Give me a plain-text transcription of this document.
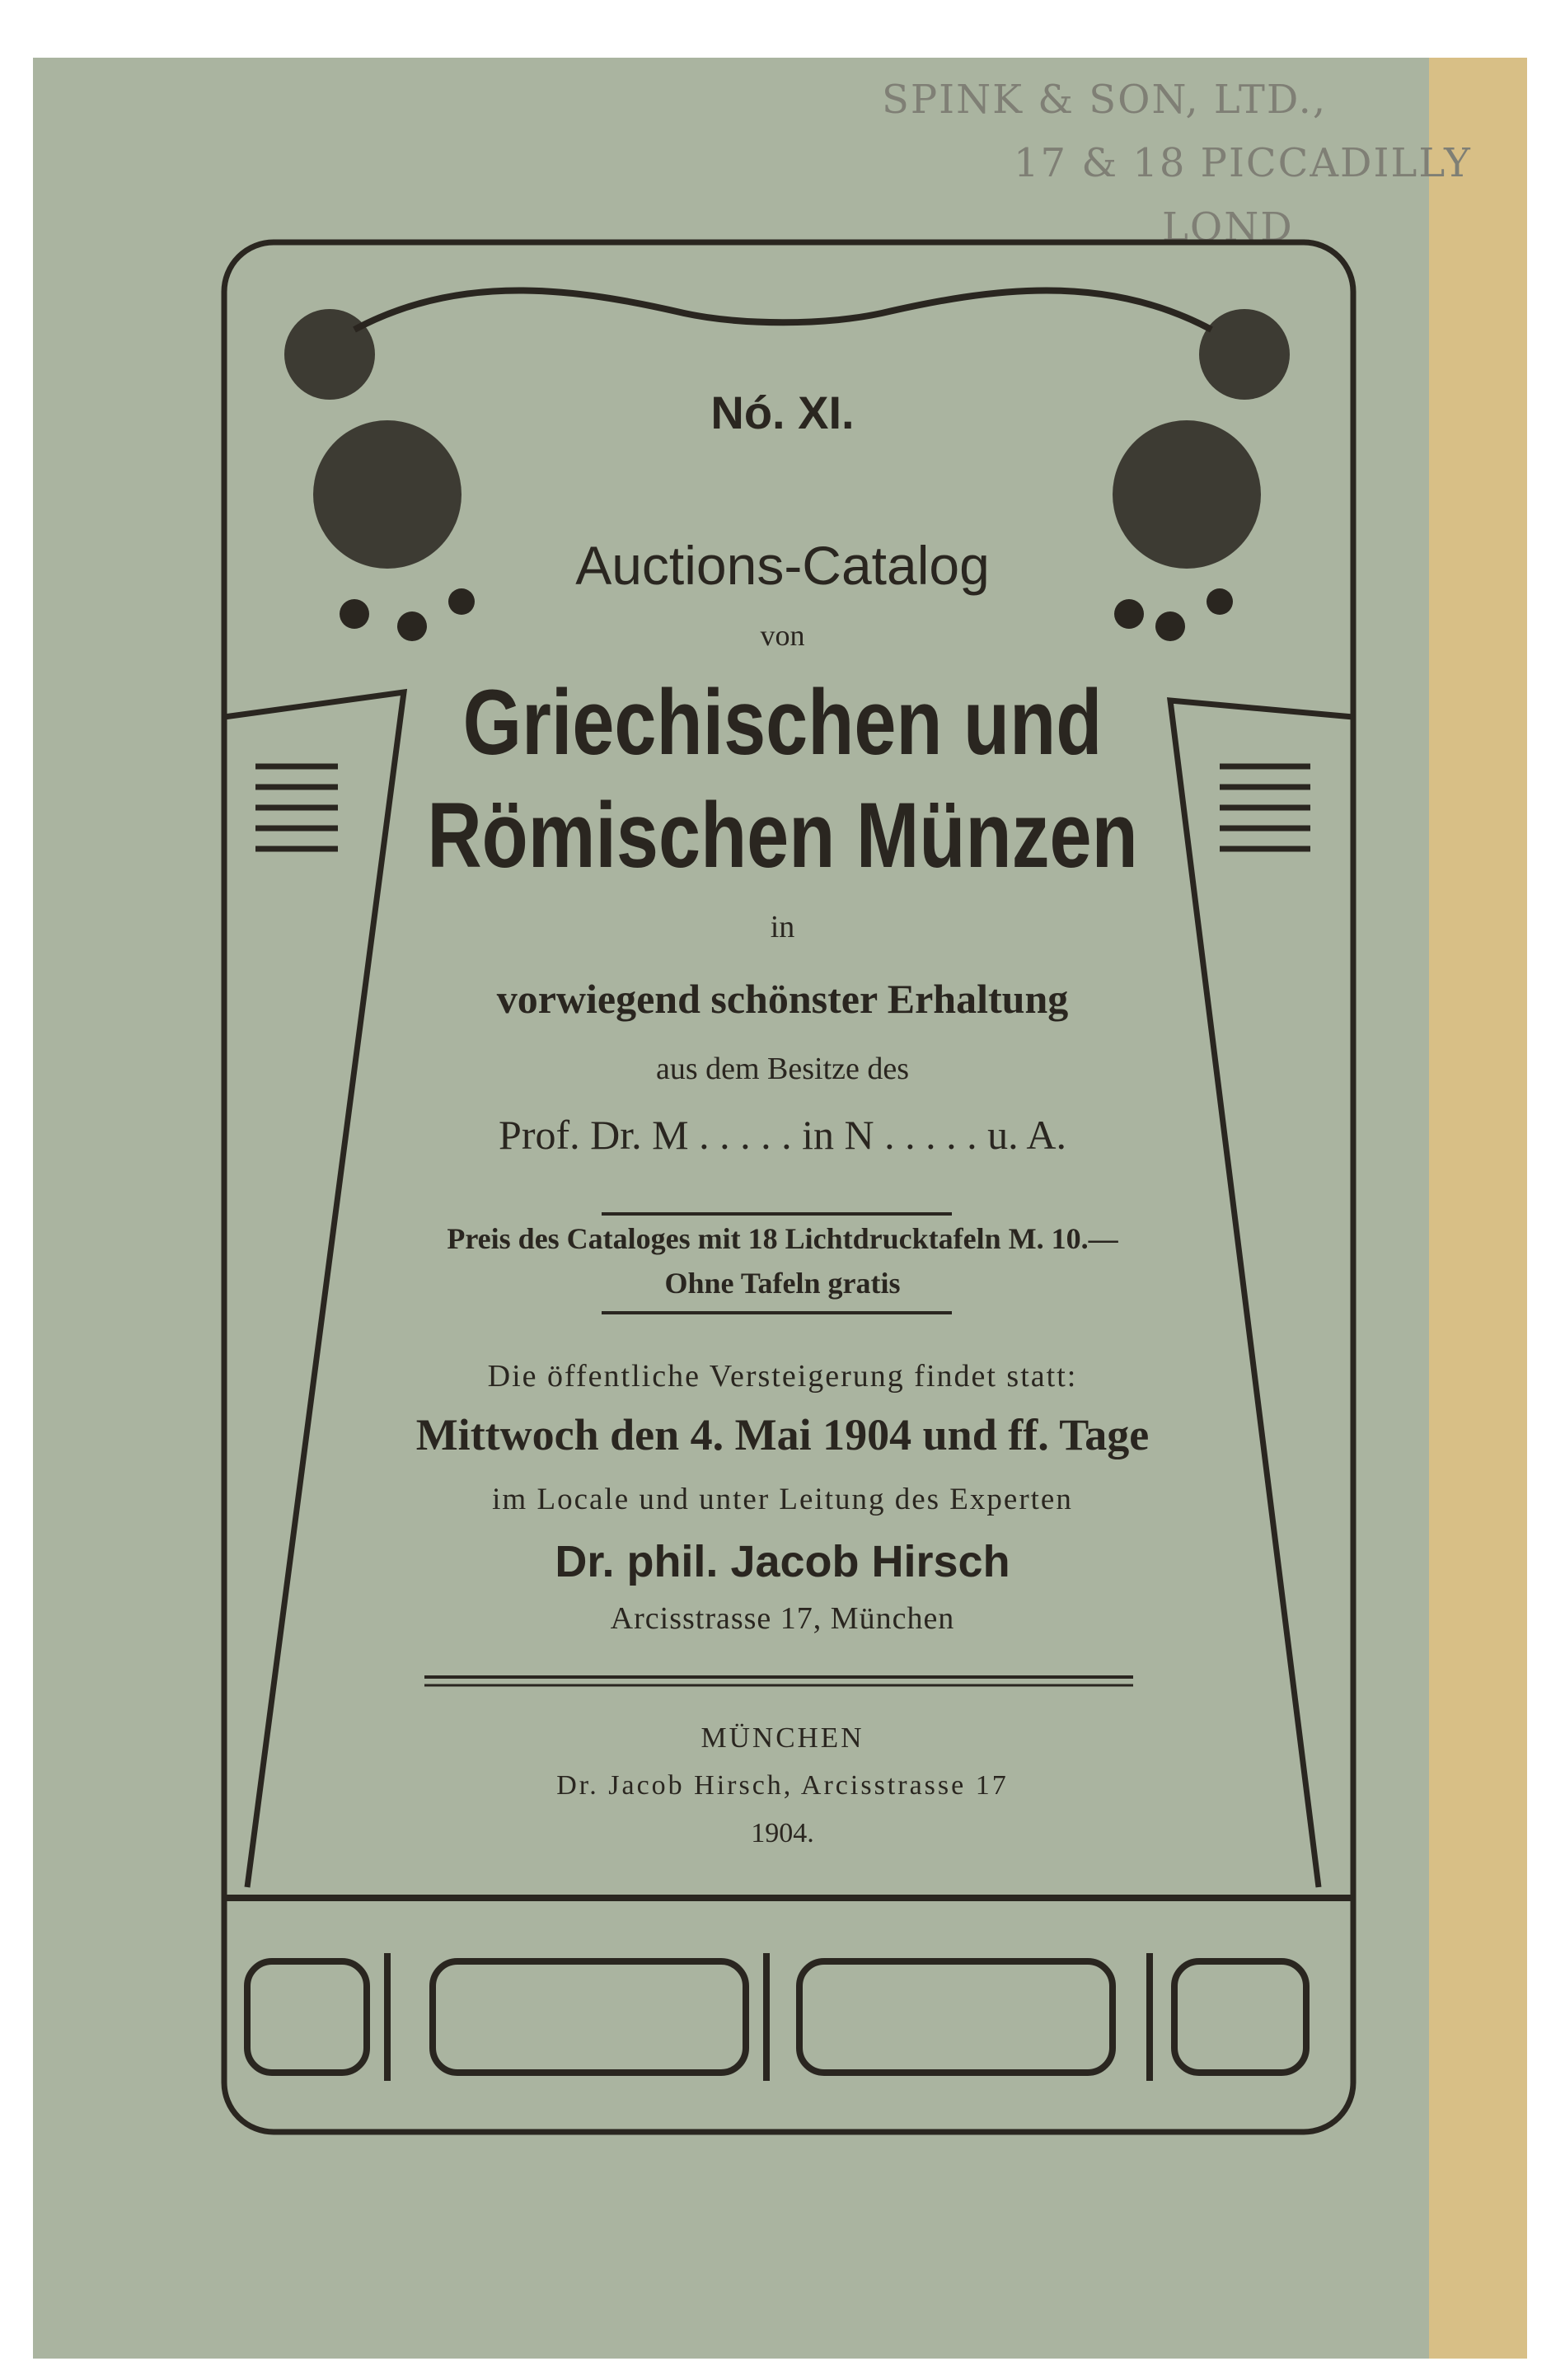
SPINK & SON, LTD.,
17 & 18 PICCADILLY
LOND
Nó. XI.
Auctions-Catalog
von
Griechischen und
Römischen Münzen
in
vorwiegend schönster Erhaltung
aus dem Besitze des
Prof. Dr. M . . . . . in N . . . . . u. A.
Preis des Cataloges mit 18 Lichtdrucktafeln M. 10.—
Ohne Tafeln gratis
Die öffentliche Versteigerung findet statt:
Mittwoch den 4. Mai 1904 und ff. Tage
im Locale und unter Leitung des Experten
Dr. phil. Jacob Hirsch
Arcisstrasse 17, München
MÜNCHEN
Dr. Jacob Hirsch, Arcisstrasse 17
1904.
